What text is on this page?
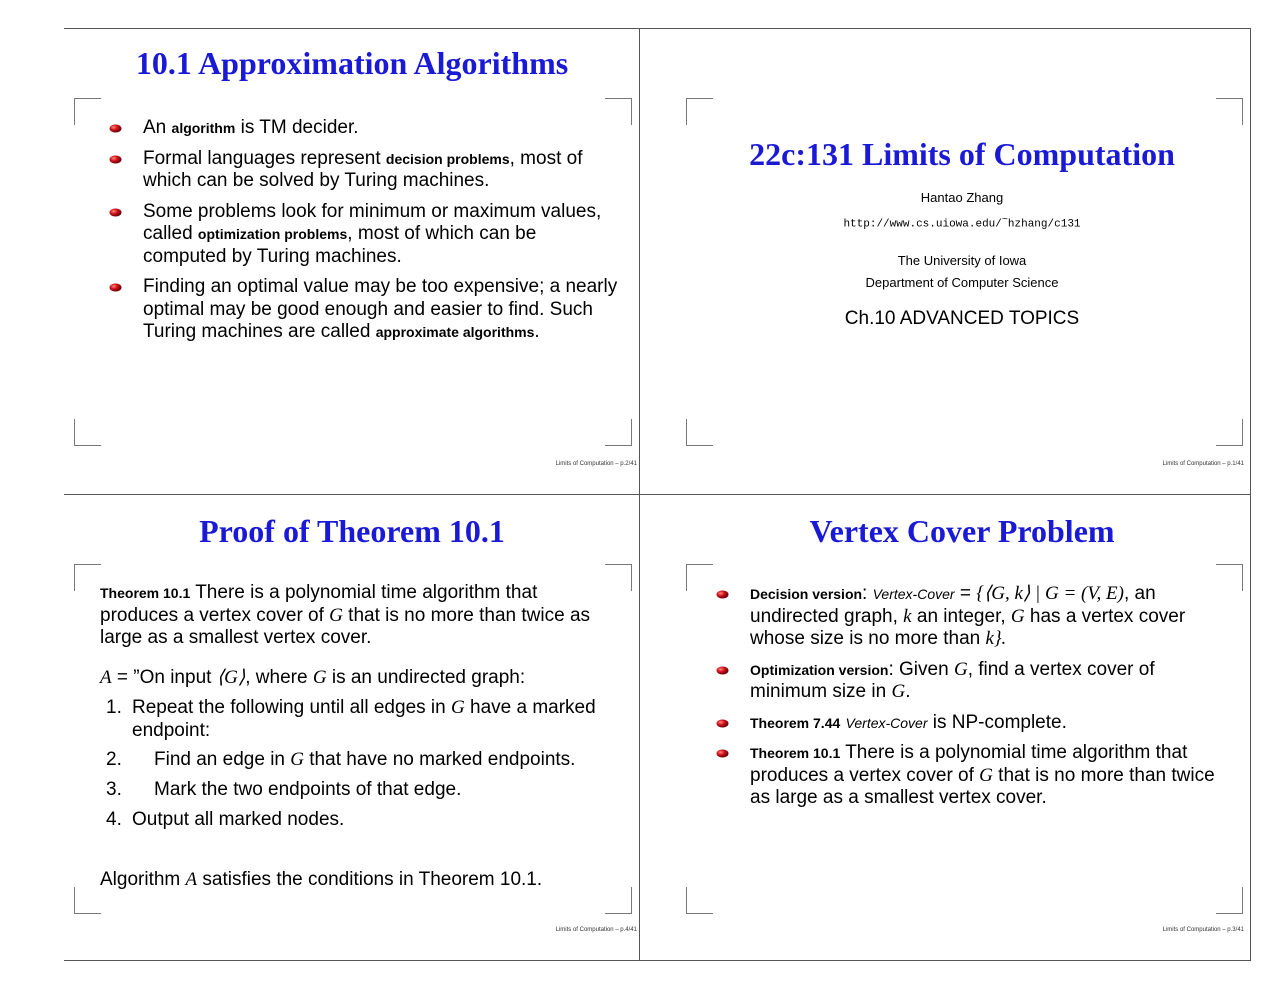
10.1 Approximation Algorithms
An algorithm is TM decider.
Formal languages represent decision problems, most of which can be solved by Turing machines.
Some problems look for minimum or maximum values, called optimization problems, most of which can be computed by Turing machines.
Finding an optimal value may be too expensive; a nearly optimal may be good enough and easier to find. Such Turing machines are called approximate algorithms.
Limits of Computation – p.2/41
22c:131 Limits of Computation
Hantao Zhang
http://www.cs.uiowa.edu/~hzhang/c131
The University of Iowa
Department of Computer Science
Ch.10 ADVANCED TOPICS
Limits of Computation – p.1/41
Proof of Theorem 10.1
Theorem 10.1 There is a polynomial time algorithm that produces a vertex cover of G that is no more than twice as large as a smallest vertex cover.
A = ”On input ⟨G⟩, where G is an undirected graph:
1. Repeat the following until all edges in G have a marked endpoint:
2. Find an edge in G that have no marked endpoints.
3. Mark the two endpoints of that edge.
4. Output all marked nodes.
Algorithm A satisfies the conditions in Theorem 10.1.
Limits of Computation – p.4/41
Vertex Cover Problem
Decision version: Vertex-Cover = {⟨G, k⟩ | G = (V, E), an undirected graph, k an integer, G has a vertex cover whose size is no more than k}.
Optimization version: Given G, find a vertex cover of minimum size in G.
Theorem 7.44 Vertex-Cover is NP-complete.
Theorem 10.1 There is a polynomial time algorithm that produces a vertex cover of G that is no more than twice as large as a smallest vertex cover.
Limits of Computation – p.3/41
